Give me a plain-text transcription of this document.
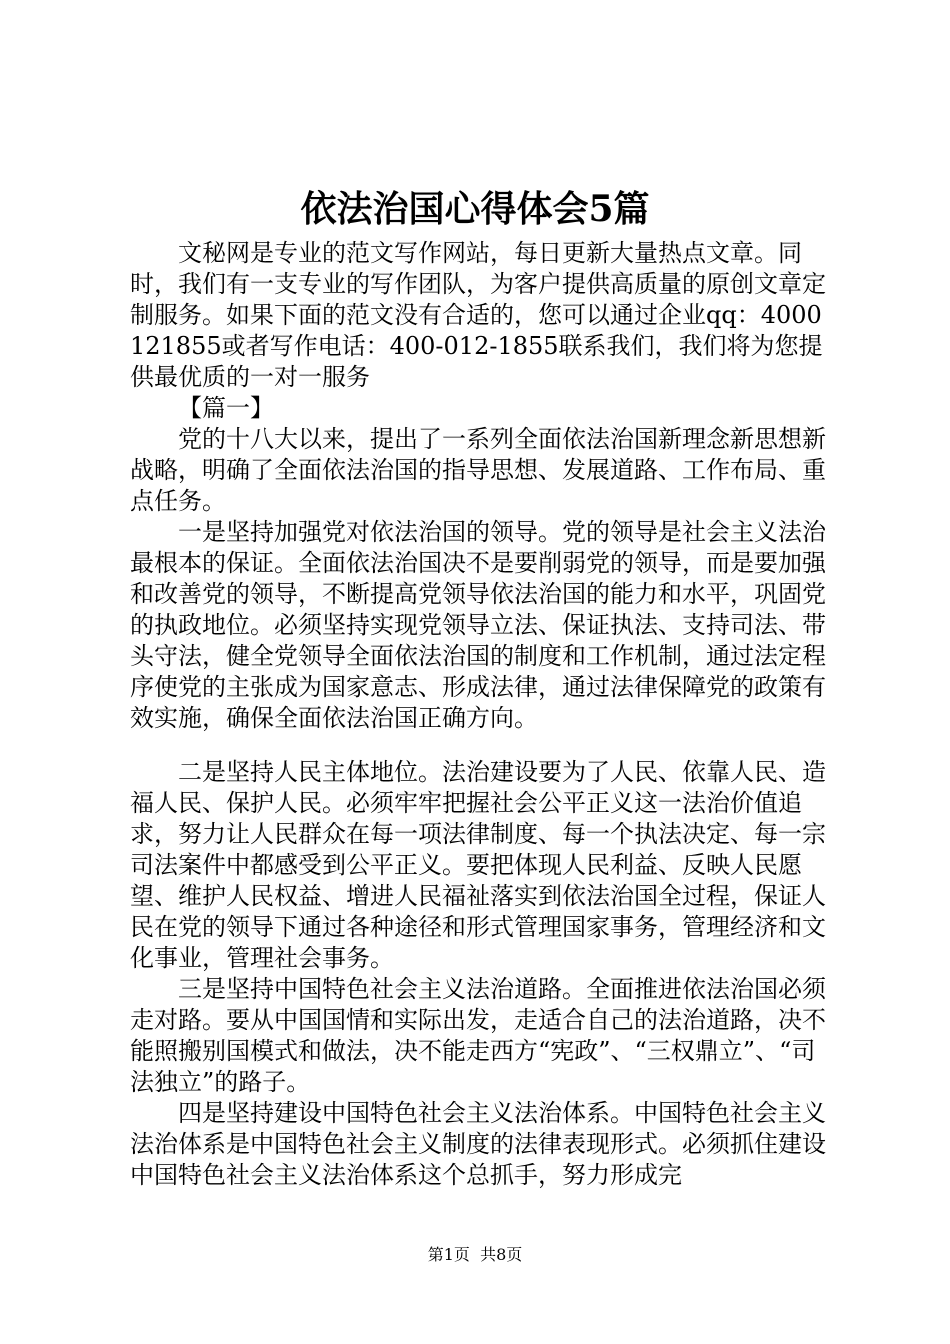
依法治国心得体会5篇

文秘网是专业的范文写作网站，每日更新大量热点文章。同时，我们有一支专业的写作团队，为客户提供高质量的原创文章定制服务。如果下面的范文没有合适的，您可以通过企业qq：4000121855或者写作电话：400-012-1855联系我们，我们将为您提供最优质的一对一服务

【篇一】

党的十八大以来，提出了一系列全面依法治国新理念新思想新战略，明确了全面依法治国的指导思想、发展道路、工作布局、重点任务。

一是坚持加强党对依法治国的领导。党的领导是社会主义法治最根本的保证。全面依法治国决不是要削弱党的领导，而是要加强和改善党的领导，不断提高党领导依法治国的能力和水平，巩固党的执政地位。必须坚持实现党领导立法、保证执法、支持司法、带头守法，健全党领导全面依法治国的制度和工作机制，通过法定程序使党的主张成为国家意志、形成法律，通过法律保障党的政策有效实施，确保全面依法治国正确方向。

二是坚持人民主体地位。法治建设要为了人民、依靠人民、造福人民、保护人民。必须牢牢把握社会公平正义这一法治价值追求，努力让人民群众在每一项法律制度、每一个执法决定、每一宗司法案件中都感受到公平正义。要把体现人民利益、反映人民愿望、维护人民权益、增进人民福祉落实到依法治国全过程，保证人民在党的领导下通过各种途径和形式管理国家事务，管理经济和文化事业，管理社会事务。

三是坚持中国特色社会主义法治道路。全面推进依法治国必须走对路。要从中国国情和实际出发，走适合自己的法治道路，决不能照搬别国模式和做法，决不能走西方“宪政”、“三权鼎立”、“司法独立”的路子。

四是坚持建设中国特色社会主义法治体系。中国特色社会主义法治体系是中国特色社会主义制度的法律表现形式。必须抓住建设中国特色社会主义法治体系这个总抓手，努力形成完

第1页 共8页
